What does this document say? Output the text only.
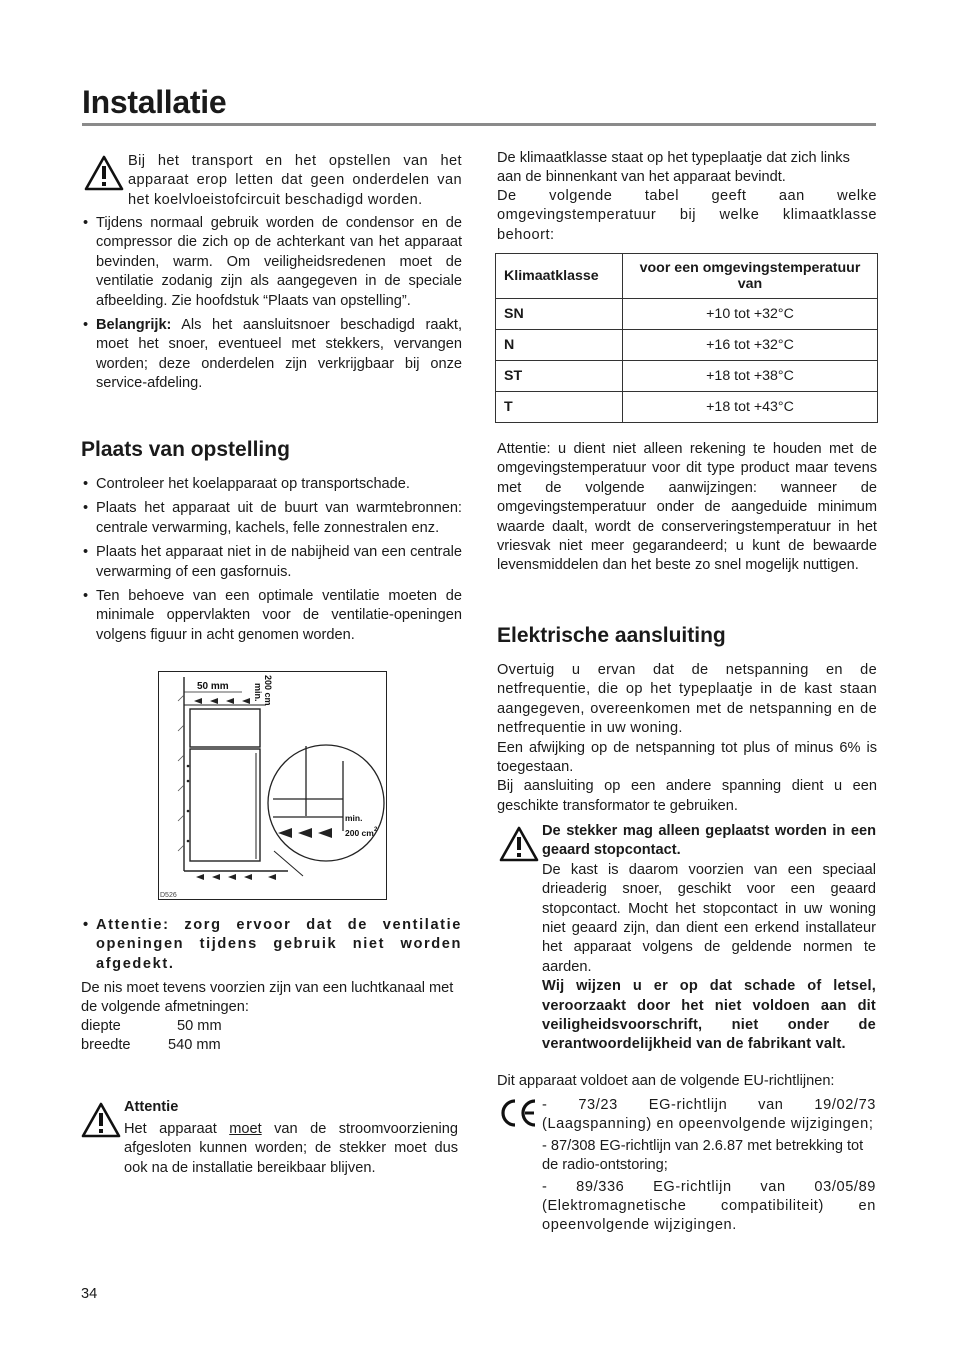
Installatie

Bij het transport en het opstellen van het apparaat erop letten dat geen onderdelen van het koelvloeistofcircuit beschadigd worden.

• Tijdens normaal gebruik worden de condensor en de compressor die zich op de achterkant van het apparaat bevinden, warm. Om veiligheidsredenen moet de ventilatie zodanig zijn als aangegeven in de speciale afbeelding. Zie hoofdstuk “Plaats van opstelling”.
• Belangrijk: Als het aansluitsnoer beschadigd raakt, moet het snoer, eventueel met stekkers, vervangen worden; deze onderdelen zijn verkrijgbaar bij onze service-afdeling.
Plaats van opstelling
• Controleer het koelapparaat op transportschade.
• Plaats het apparaat uit de buurt van warmtebronnen: centrale verwarming, kachels, felle zonnestralen enz.
• Plaats het apparaat niet in de nabijheid van een centrale verwarming of een gasfornuis.
• Ten behoeve van een optimale ventilatie moeten de minimale oppervlakten voor de ventilatie-openingen volgens figuur in acht genomen worden.
50 mm	min. 200 cm
min.
200 cm 2
D526
• Attentie: zorg ervoor dat de ventilatie openingen tijdens gebruik niet worden afgedekt.

De nis moet tevens voorzien zijn van een luchtkanaal met de volgende afmetningen:

diepte	50 mm
breedte	540 mm
Attentie

Het apparaat moet van de stroomvoorziening afgesloten kunnen worden; de stekker moet dus ook na de installatie bereikbaar blijven.

De klimaatklasse staat op het typeplaatje dat zich links aan de binnenkant van het apparaat bevindt.

De volgende tabel geeft aan welke omgevingstemperatuur bij welke klimaatklasse behoort:

Klimaatklasse	voor een omgevingstemperatuur van
SN	+10 tot +32°C
N	+16 tot +32°C
ST	+18 tot +38°C
T	+18 tot +43°C

Attentie: u dient niet alleen rekening te houden met de omgevingstemperatuur voor dit type product maar tevens met de volgende aanwijzingen: wanneer de omgevingstemperatuur onder de aangeduide minimum waarde daalt, wordt de conserveringstemperatuur in het vriesvak niet meer gegarandeerd; u kunt de bewaarde levensmiddelen dan het beste zo snel mogelijk nuttigen.

Elektrische aansluiting

Overtuig u ervan dat de netspanning en de netfrequentie, die op het typeplaatje in de kast staan aangegeven, overeenkomen met de netspanning en de netfrequentie in uw woning.

Een afwijking op de netspanning tot plus of minus 6% is toegestaan.

Bij aansluiting op een andere spanning dient u een geschikte transformator te gebruiken.

De stekker mag alleen geplaatst worden in een geaard stopcontact.

De kast is daarom voorzien van een speciaal drieaderig snoer, geschikt voor een geaard stopcontact. Mocht het stopcontact in uw woning niet geaard zijn, dan dient een erkend installateur het apparaat volgens de geldende normen te aarden.

Wij wijzen u er op dat schade of letsel, veroorzaakt door het niet voldoen aan dit veiligheidsvoorschrift, niet onder de verantwoordelijkheid van de fabrikant valt.

Dit apparaat voldoet aan de volgende EU-richtlijnen:

- 73/23 EG-richtlijn van 19/02/73 (Laagspanning) en opeenvolgende wijzigingen;

- 87/308 EG-richtlijn van 2.6.87 met betrekking tot de radio-ontstoring;

- 89/336 EG-richtlijn van 03/05/89 (Elektromagnetische compatibiliteit) en opeenvolgende wijzigingen.

34
